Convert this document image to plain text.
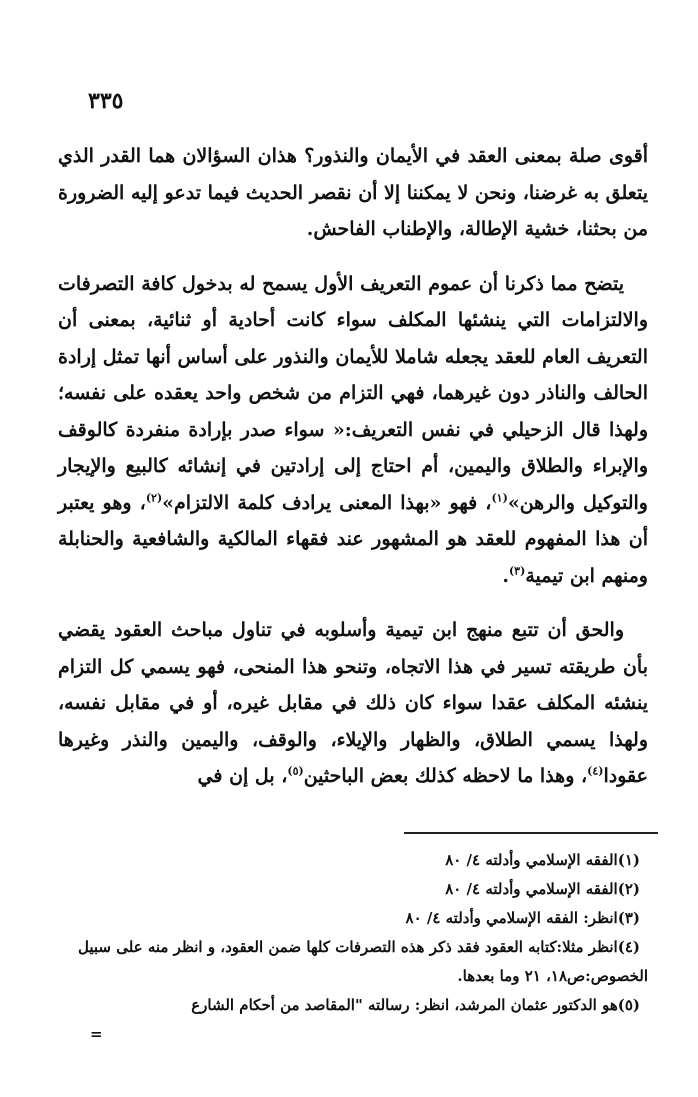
٣٣٥

أقوى صلة بمعنى العقد في الأيمان والنذور؟ هذان السؤالان هما القدر الذي يتعلق به غرضنا، ونحن لا يمكننا إلا أن نقصر الحديث فيما تدعو إليه الضرورة من بحثنا، خشية الإطالة، والإطناب الفاحش.

يتضح مما ذكرنا أن عموم التعريف الأول يسمح له بدخول كافة التصرفات والالتزامات التي ينشئها المكلف سواء كانت أحادية أو ثنائية، بمعنى أن التعريف العام للعقد يجعله شاملا للأيمان والنذور على أساس أنها تمثل إرادة الحالف والناذر دون غيرهما، فهي التزام من شخص واحد يعقده على نفسه؛ ولهذا قال الزحيلي في نفس التعريف:« سواء صدر بإرادة منفردة كالوقف والإبراء والطلاق واليمين، أم احتاج إلى إرادتين في إنشائه كالبيع والإيجار والتوكيل والرهن»$^{(١)}$، فهو «بهذا المعنى يرادف كلمة الالتزام»$^{(٢)}$، وهو يعتبر أن هذا المفهوم للعقد هو المشهور عند فقهاء المالكية والشافعية والحنابلة ومنهم ابن تيمية$^{(٣)}$.

والحق أن تتبع منهج ابن تيمية وأسلوبه في تناول مباحث العقود يقضي بأن طريقته تسير في هذا الاتجاه، وتنحو هذا المنحى، فهو يسمي كل التزام ينشئه المكلف عقدا سواء كان ذلك في مقابل غيره، أو في مقابل نفسه، ولهذا يسمي الطلاق، والظهار والإيلاء، والوقف، واليمين والنذر وغيرها عقودا$^{(٤)}$، وهذا ما لاحظه كذلك بعض الباحثين$^{(٥)}$، بل إن في

(١)الفقه الإسلامي وأدلته ٤/ ٨٠

(٢)الفقه الإسلامي وأدلته ٤/ ٨٠

(٣)انظر: الفقه الإسلامي وأدلته ٤/ ٨٠

(٤)انظر مثلا:كتابه العقود فقد ذكر هذه التصرفات كلها ضمن العقود، و انظر منه على سبيل الخصوص:ص١٨، ٢١ وما بعدها.

(٥)هو الدكتور عثمان المرشد، انظر: رسالته "المقاصد من أحكام الشارع

=
